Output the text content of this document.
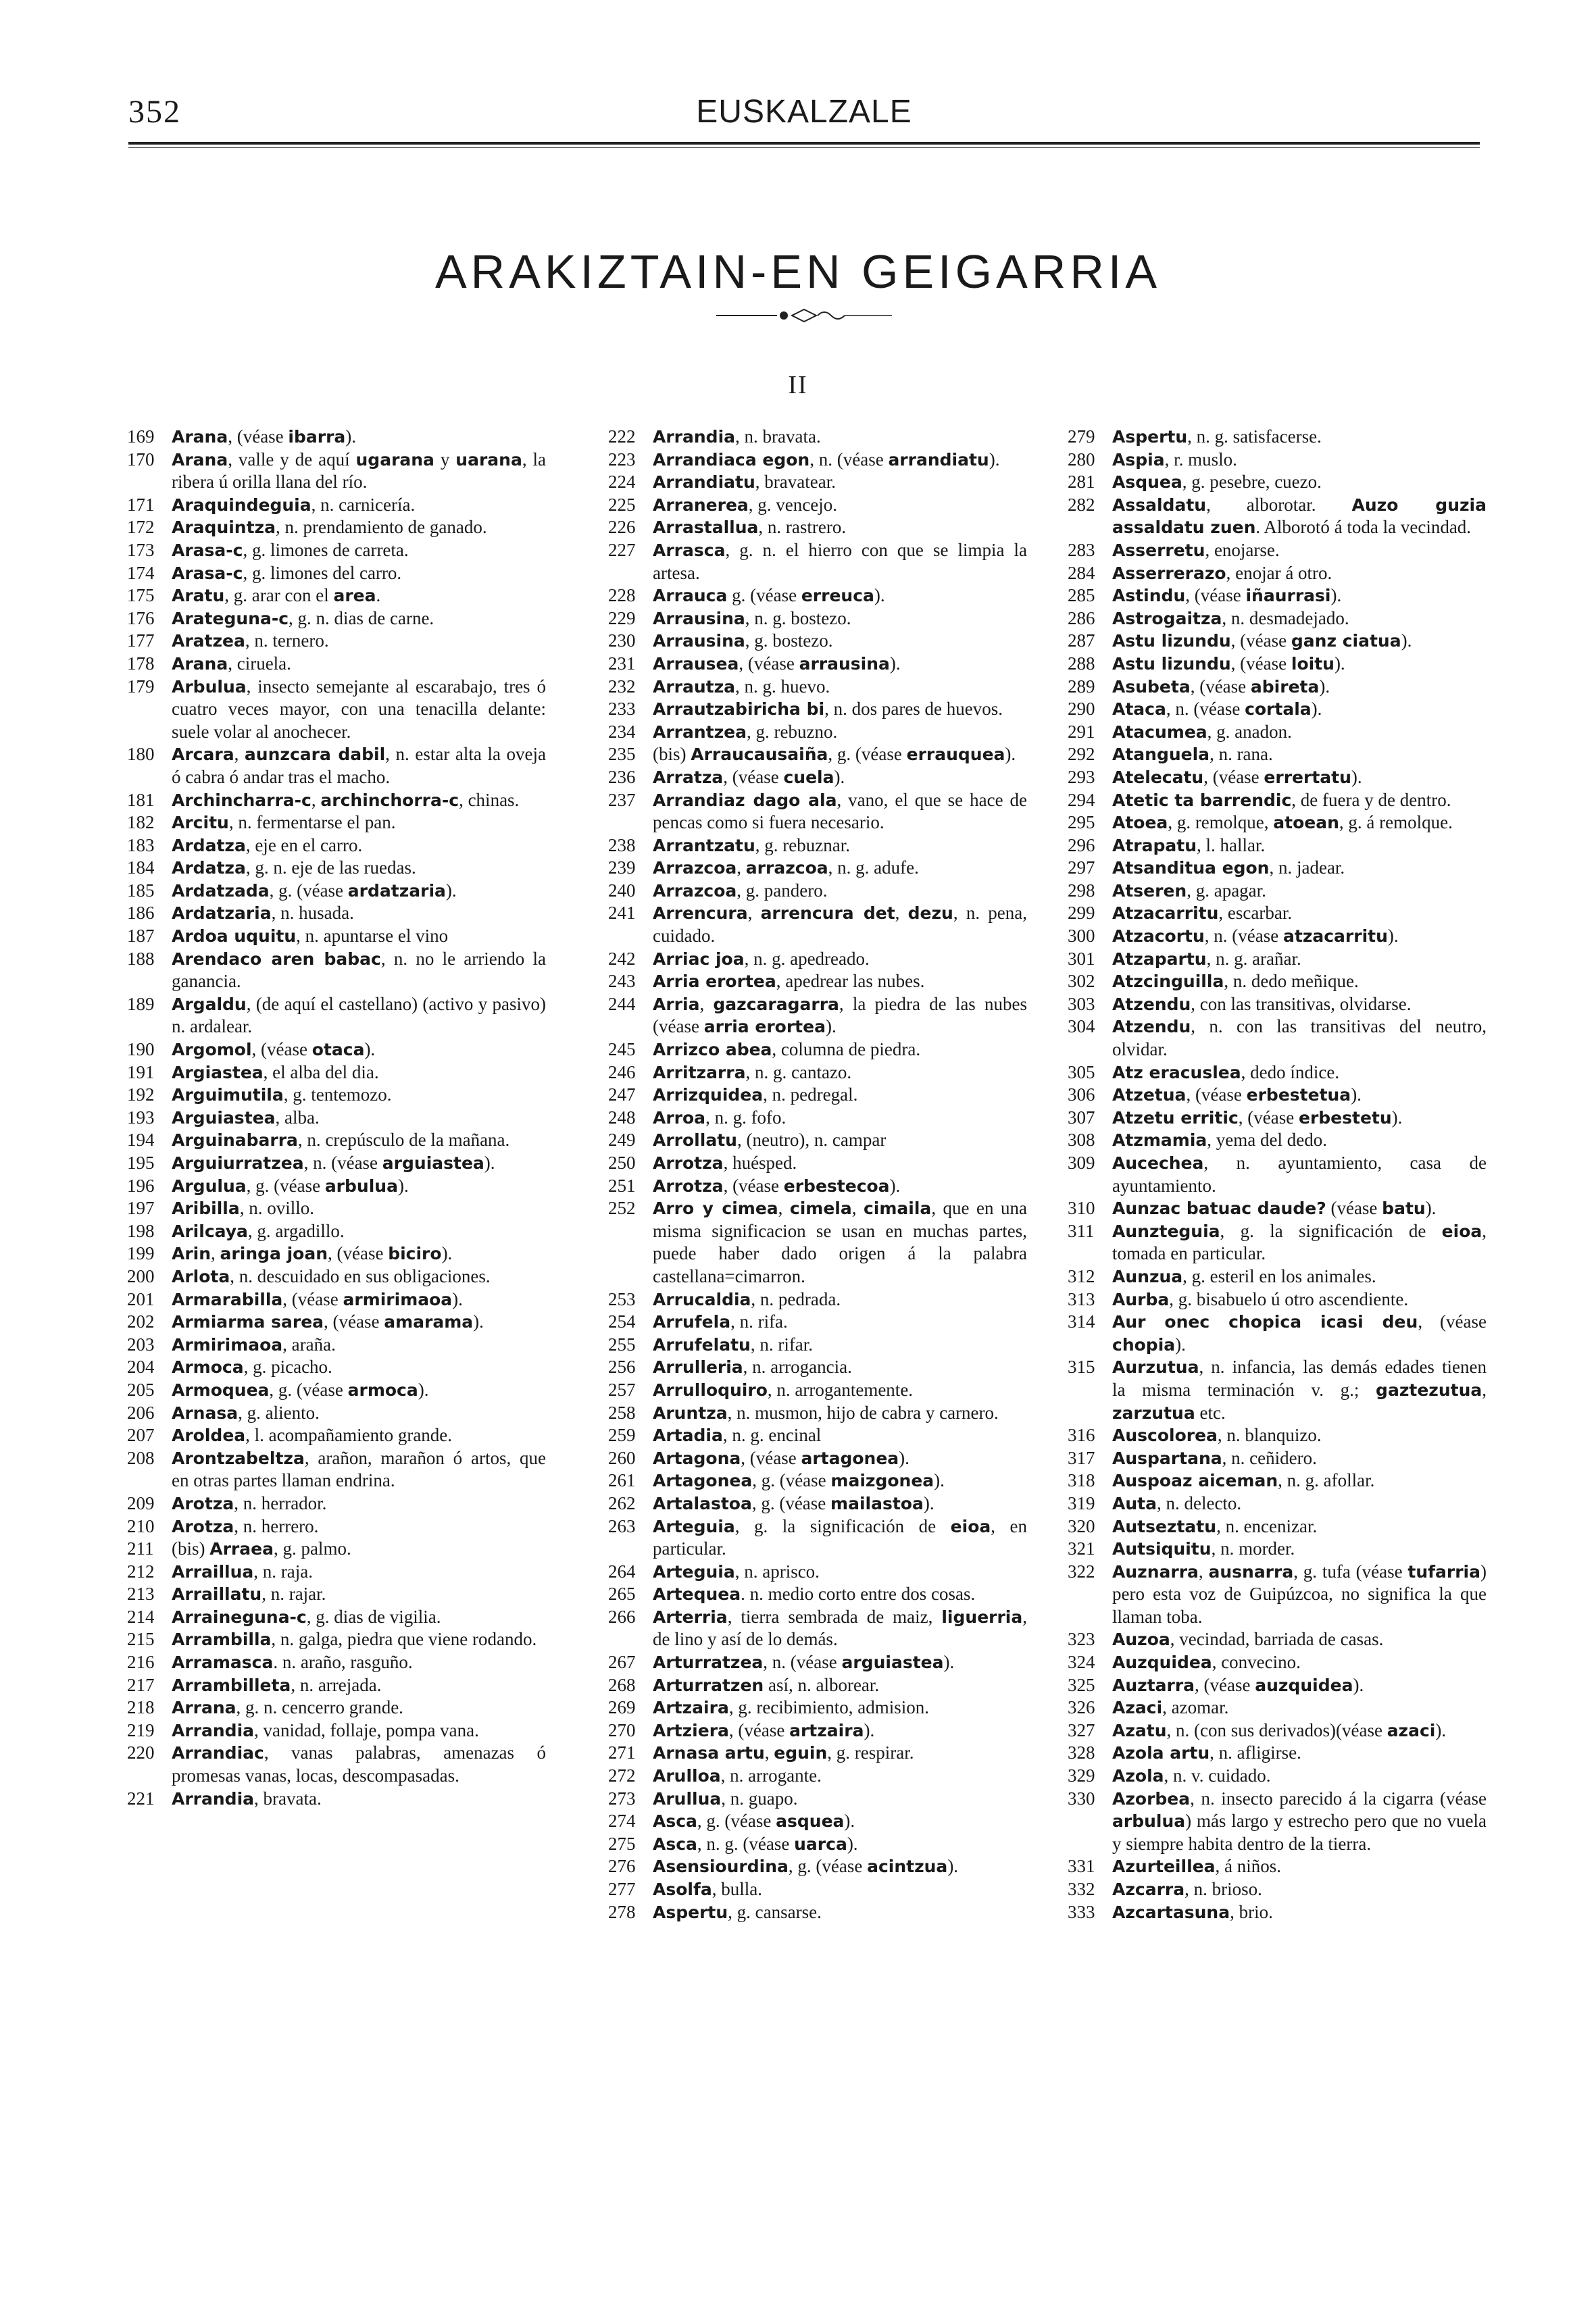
352	EUSKALZALE
ARAKIZTAIN-EN GEIGARRIA
II
169	Arana, (véase ibarra).
170	Arana, valle y de aquí ugarana y uarana, la ribera ú orilla llana del río.
171	Araquindeguia, n. carnicería.
172	Araquintza, n. prendamiento de ganado.
173	Arasa-c, g. limones de carreta.
174	Arasa-c, g. limones del carro.
175	Aratu, g. arar con el area.
176	Arateguna-c, g. n. dias de carne.
177	Aratzea, n. ternero.
178	Arana, ciruela.
179	Arbulua, insecto semejante al escarabajo, tres ó cuatro veces mayor, con una tenacilla delante: suele volar al anochecer.
180	Arcara, aunzcara dabil, n. estar alta la oveja ó cabra ó andar tras el macho.
181	Archincharra-c, archinchorra-c, chinas.
182	Arcitu, n. fermentarse el pan.
183	Ardatza, eje en el carro.
184	Ardatza, g. n. eje de las ruedas.
185	Ardatzada, g. (véase ardatzaria).
186	Ardatzaria, n. husada.
187	Ardoa uquitu, n. apuntarse el vino
188	Arendaco aren babac, n. no le arriendo la ganancia.
189	Argaldu, (de aquí el castellano) (activo y pasivo) n. ardalear.
190	Argomol, (véase otaca).
191	Argiastea, el alba del dia.
192	Arguimutila, g. tentemozo.
193	Arguiastea, alba.
194	Arguinabarra, n. crepúsculo de la mañana.
195	Arguiurratzea, n. (véase arguiastea).
196	Argulua, g. (véase arbulua).
197	Aribilla, n. ovillo.
198	Arilcaya, g. argadillo.
199	Arin, aringa joan, (véase biciro).
200	Arlota, n. descuidado en sus obligaciones.
201	Armarabilla, (véase armirimaoa).
202	Armiarma sarea, (véase amarama).
203	Armirimaoa, araña.
204	Armoca, g. picacho.
205	Armoquea, g. (véase armoca).
206	Arnasa, g. aliento.
207	Aroldea, l. acompañamiento grande.
208	Arontzabeltza, arañon, marañon ó artos, que en otras partes llaman endrina.
209	Arotza, n. herrador.
210	Arotza, n. herrero.
211 (bis) Arraea, g. palmo.
212	Arraillua, n. raja.
213	Arraillatu, n. rajar.
214	Arraineguna-c, g. dias de vigilia.
215	Arrambilla, n. galga, piedra que viene rodando.
216	Arramasca. n. araño, rasguño.
217	Arrambilleta, n. arrejada.
218	Arrana, g. n. cencerro grande.
219	Arrandia, vanidad, follaje, pompa vana.
220	Arrandiac, vanas palabras, amenazas ó promesas vanas, locas, descompasadas.
221	Arrandia, bravata.
222	Arrandia, n. bravata.
223	Arrandiaca egon, n. (véase arrandiatu).
224	Arrandiatu, bravatear.
225	Arranerea, g. vencejo.
226	Arrastallua, n. rastrero.
227	Arrasca, g. n. el hierro con que se limpia la artesa.
228	Arrauca g. (véase erreuca).
229	Arrausina, n. g. bostezo.
230	Arrausina, g. bostezo.
231	Arrausea, (véase arrausina).
232	Arrautza, n. g. huevo.
233	Arrautzabiricha bi, n. dos pares de huevos.
234	Arrantzea, g. rebuzno.
235 (bis) Arraucausaiña, g. (véase errauquea).
236	Arratza, (véase cuela).
237	Arrandiaz dago ala, vano, el que se hace de pencas como si fuera necesario.
238	Arrantzatu, g. rebuznar.
239	Arrazcoa, arrazcoa, n. g. adufe.
240	Arrazcoa, g. pandero.
241	Arrencura, arrencura det, dezu, n. pena, cuidado.
242	Arriac joa, n. g. apedreado.
243	Arria erortea, apedrear las nubes.
244	Arria, gazcaragarra, la piedra de las nubes (véase arria erortea).
245	Arrizco abea, columna de piedra.
246	Arritzarra, n. g. cantazo.
247	Arrizquidea, n. pedregal.
248	Arroa, n. g. fofo.
249	Arrollatu, (neutro), n. campar
250	Arrotza, huésped.
251	Arrotza, (véase erbestecoa).
252	Arro y cimea, cimela, cimaila, que en una misma significacion se usan en muchas partes, puede haber dado origen á la palabra castellana=cimarron.
253	Arrucaldia, n. pedrada.
254	Arrufela, n. rifa.
255	Arrufelatu, n. rifar.
256	Arrulleria, n. arrogancia.
257	Arrulloquiro, n. arrogantemente.
258	Aruntza, n. musmon, hijo de cabra y carnero.
259	Artadia, n. g. encinal
260	Artagona, (véase artagonea).
261	Artagonea, g. (véase maizgonea).
262	Artalastoa, g. (véase mailastoa).
263	Arteguia, g. la significación de eioa, en particular.
264	Arteguia, n. aprisco.
265	Artequea. n. medio corto entre dos cosas.
266	Arterria, tierra sembrada de maiz, liguerria, de lino y así de lo demás.
267	Arturratzea, n. (véase arguiastea).
268	Arturratzen así, n. alborear.
269	Artzaira, g. recibimiento, admision.
270	Artziera, (véase artzaira).
271	Arnasa artu, eguin, g. respirar.
272	Arulloa, n. arrogante.
273	Arullua, n. guapo.
274	Asca, g. (véase asquea).
275	Asca, n. g. (véase uarca).
276	Asensiourdina, g. (véase acintzua).
277	Asolfa, bulla.
278	Aspertu, g. cansarse.
279	Aspertu, n. g. satisfacerse.
280	Aspia, r. muslo.
281	Asquea, g. pesebre, cuezo.
282	Assaldatu, alborotar. Auzo guzia assaldatu zuen. Alborotó á toda la vecindad.
283	Asserretu, enojarse.
284	Asserrerazo, enojar á otro.
285	Astindu, (véase iñaurrasi).
286	Astrogaitza, n. desmadejado.
287	Astu lizundu, (véase ganz ciatua).
288	Astu lizundu, (véase loitu).
289	Asubeta, (véase abireta).
290	Ataca, n. (véase cortala).
291	Atacumea, g. anadon.
292	Atanguela, n. rana.
293	Atelecatu, (véase errertatu).
294	Atetic ta barrendic, de fuera y de dentro.
295	Atoea, g. remolque, atoean, g. á remolque.
296	Atrapatu, l. hallar.
297	Atsanditua egon, n. jadear.
298	Atseren, g. apagar.
299	Atzacarritu, escarbar.
300	Atzacortu, n. (véase atzacarritu).
301	Atzapartu, n. g. arañar.
302	Atzcinguilla, n. dedo meñique.
303	Atzendu, con las transitivas, olvidarse.
304	Atzendu, n. con las transitivas del neutro, olvidar.
305	Atz eracuslea, dedo índice.
306	Atzetua, (véase erbestetua).
307	Atzetu erritic, (véase erbestetu).
308	Atzmamia, yema del dedo.
309	Aucechea, n. ayuntamiento, casa de ayuntamiento.
310	Aunzac batuac daude? (véase batu).
311	Aunzteguia, g. la significación de eioa, tomada en particular.
312	Aunzua, g. esteril en los animales.
313	Aurba, g. bisabuelo ú otro ascendiente.
314	Aur onec chopica icasi deu, (véase chopia).
315	Aurzutua, n. infancia, las demás edades tienen la misma terminación v. g.; gaztezutua, zarzutua etc.
316	Auscolorea, n. blanquizo.
317	Auspartana, n. ceñidero.
318	Auspoaz aiceman, n. g. afollar.
319	Auta, n. delecto.
320	Autseztatu, n. encenizar.
321	Autsiquitu, n. morder.
322	Auznarra, ausnarra, g. tufa (véase tufarria) pero esta voz de Guipúzcoa, no significa la que llaman toba.
323	Auzoa, vecindad, barriada de casas.
324	Auzquidea, convecino.
325	Auztarra, (véase auzquidea).
326	Azaci, azomar.
327	Azatu, n. (con sus derivados)(véase azaci).
328	Azola artu, n. afligirse.
329	Azola, n. v. cuidado.
330	Azorbea, n. insecto parecido á la cigarra (véase arbulua) más largo y estrecho pero que no vuela y siempre habita dentro de la tierra.
331	Azurteillea, á niños.
332	Azcarra, n. brioso.
333	Azcartasuna, brio.
